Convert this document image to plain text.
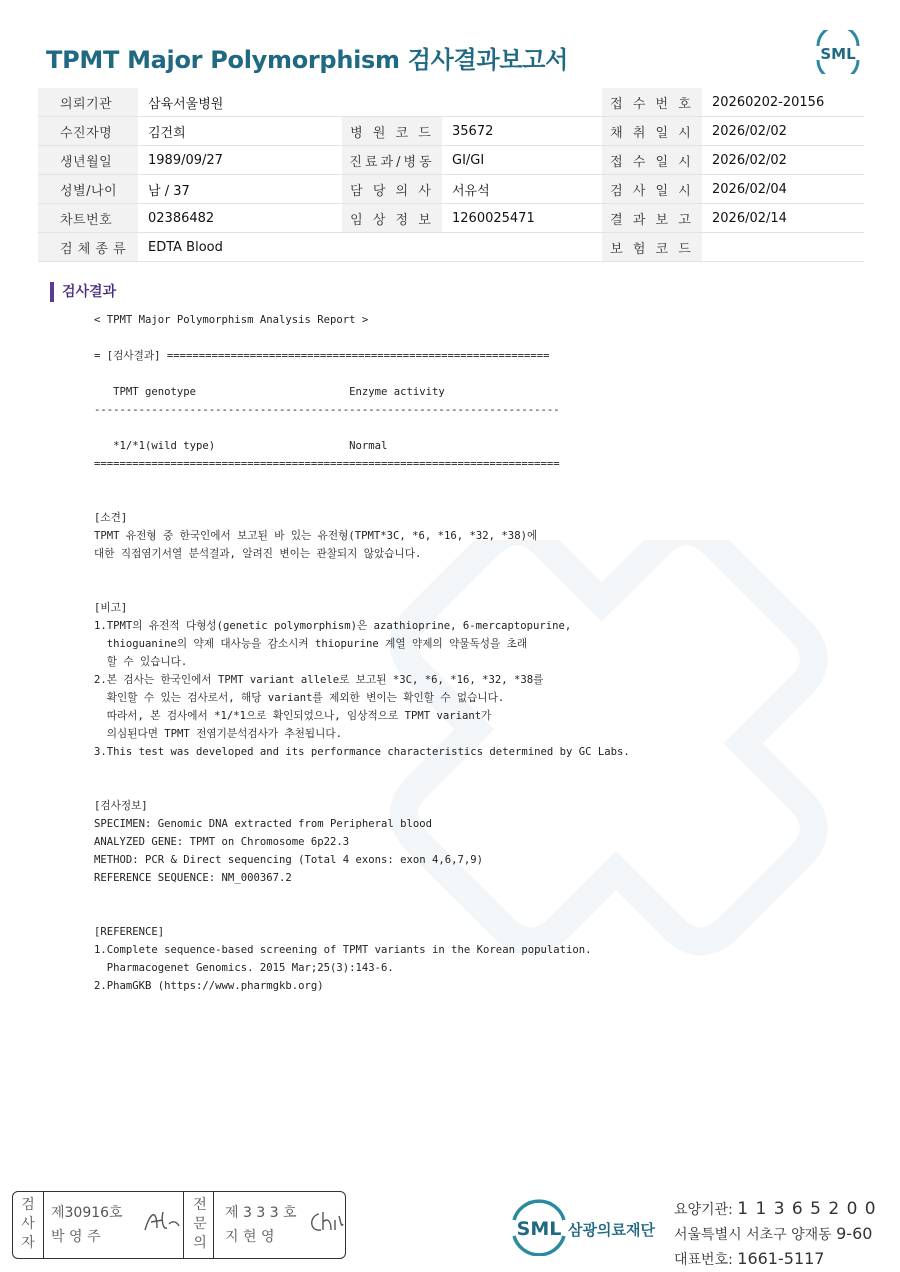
TPMT Major Polymorphism 검사결과보고서	SML
의뢰기관	삼육서울병원			접 수 번 호	20260202-20156
수진자명	김건희	병 원 코 드	35672	채 취 일 시	2026/02/02
생년월일	1989/09/27	진료과/병동	GI/GI	접 수 일 시	2026/02/02
성별/나이	남 / 37	담 당 의 사	서유석	검 사 일 시	2026/02/04
차트번호	02386482	임 상 정 보	1260025471	결 과 보 고	2026/02/14
검 체 종 류	EDTA Blood			보 험 코 드	
검사결과
< TPMT Major Polymorphism Analysis Report >
= [검사결과] ============================================================
TPMT genotype                        Enzyme activity
-------------------------------------------------------------------------
*1/*1(wild type)                     Normal
=========================================================================
[소견]
TPMT 유전형 중 한국인에서 보고된 바 있는 유전형(TPMT*3C, *6, *16, *32, *38)에
대한 직접염기서열 분석결과, 알려진 변이는 관찰되지 않았습니다.
[비고]
1.TPMT의 유전적 다형성(genetic polymorphism)은 azathioprine, 6-mercaptopurine,
thioguanine의 약제 대사능을 감소시켜 thiopurine 계열 약제의 약물독성을 초래
할 수 있습니다.
2.본 검사는 한국인에서 TPMT variant allele로 보고된 *3C, *6, *16, *32, *38를
확인할 수 있는 검사로서, 해당 variant를 제외한 변이는 확인할 수 없습니다.
따라서, 본 검사에서 *1/*1으로 확인되었으나, 임상적으로 TPMT variant가
의심된다면 TPMT 전염기분석검사가 추천됩니다.
3.This test was developed and its performance characteristics determined by GC Labs.
[검사정보]
SPECIMEN: Genomic DNA extracted from Peripheral blood
ANALYZED GENE: TPMT on Chromosome 6p22.3
METHOD: PCR & Direct sequencing (Total 4 exons: exon 4,6,7,9)
REFERENCE SEQUENCE: NM_000367.2
[REFERENCE]
1.Complete sequence-based screening of TPMT variants in the Korean population.
Pharmacogenet Genomics. 2015 Mar;25(3):143-6.
2.PhamGKB (https://www.pharmgkb.org)
검
사
자
제30916호
박 영 주
전
문
의
제 3 3 3 호
지 현 영	SML 삼광의료재단
요양기관: 1 1 3 6 5 2 0 0
서울특별시 서초구 양재동 9-60
대표번호: 1661-5117
